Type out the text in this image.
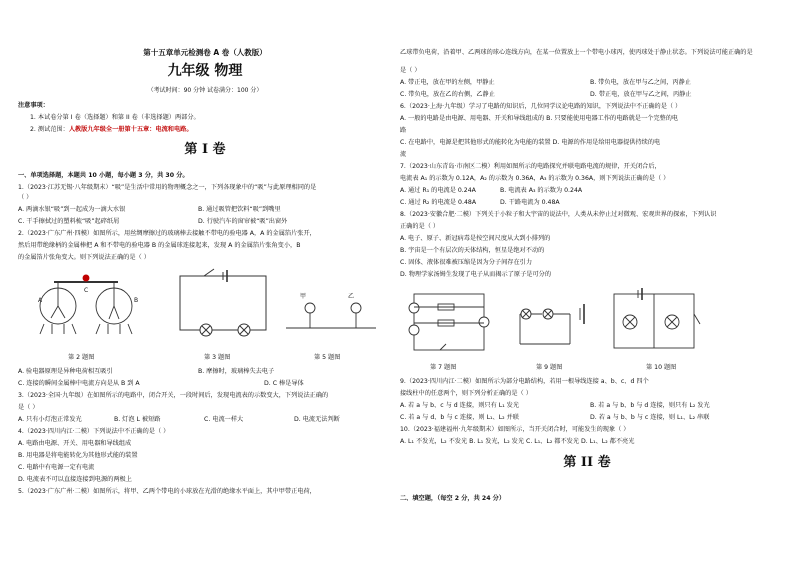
第十五章单元检测卷 A 卷（人教版）
九年级 物理
（考试时间：90 分钟 试卷满分：100 分）
注意事项：
1. 本试卷分第 I 卷（选择题）和第 II 卷（非选择题）两部分。
2. 测试范围：人教版九年级全一册第十五章：电流和电路。
第 I 卷
一、单项选择题，本题共 10 小题，每小题 3 分，共 30 分。
1.（2023·江苏无锡·八年级期末）“吸”是生活中常用的物理概念之一，下列各现象中的“吸”与此原理相同的是
（ ）
A. 两滴水银“吸”到一起成为一滴大水银	B. 通过吸管把饮料“吸”到嘴里
C. 干手擦拭过的塑料梳“吸”起碎纸屑	D. 行驶汽车的窗帘被“吸”出窗外
2.（2023·广东广州·四模）如图所示，用丝绸摩擦过的玻璃棒去接触不带电的验电器 A，A 的金属箔片张开，
然后用带绝缘柄的金属棒把 A 和不带电的验电器 B 的金属球连接起来，发现 A 的金属箔片张角变小，B
的金属箔片张角变大。则下列说法正确的是（ ）
A	B
C
甲	乙
第 2 题图	第 3 题图	第 5 题图
A. 验电器原理是异种电荷相互吸引	B. 摩擦时，玻璃棒失去电子
C. 连接的瞬间金属棒中电流方向是从 B 到 A	D. C 棒是导体
3.（2023·全国·九年级）在如图所示的电路中，闭合开关，一段时间后，发现电流表的示数变大，下列说法正确的
是（ ）
A. 只有小灯泡正常发光	B. 灯泡 L 被短路	C. 电流一样大	D. 电流无法判断
4.（2023·四川内江·二模）下列说法中不正确的是（ ）
A. 电路由电源、开关、用电器和导线组成
B. 用电器是将电能转化为其他形式能的装置
C. 电路中有电源一定有电流
D. 电流表不可以直接连接到电源的两极上
5.（2023·广东广州·二模）如图所示，将甲、乙两个带电的小球放在光滑的绝缘水平面上，其中甲带正电荷，
乙球带负电荷，沿着甲、乙两球的球心连线方向，在某一位置放上一个带电小球丙，使丙球处于静止状态。下列说法可能正确的是
是（ ）
A. 带正电，放在甲的左侧，甲静止	B. 带负电，放在甲与乙之间，丙静止
C. 带负电，放在乙的右侧，乙静止	D. 带正电，放在甲与乙之间，丙静止
6.（2023·上海·九年级）学习了电路的知识后，几位同学议论电路的知识，下列说法中不正确的是（ ）
A. 一般的电路是由电源、用电器、开关和导线组成的 B. 只要能使用电器工作的电路就是一个完整的电
路
C. 在电路中，电源是把其他形式的能转化为电能的装置 D. 电源的作用是给用电器提供持续的电
流
7.（2023·山东青岛·市南区二模）利用如图所示的电路探究并联电路电流的规律，开关闭合后，
电流表 A₁ 的示数为 0.12A，A₂ 的示数为 0.36A，A₃ 的示数为 0.36A，则下列说法正确的是（ ）
A. 通过 R₁ 的电流是 0.24A	B. 电流表 A₃ 的示数为 0.24A
C. 通过 R₂ 的电流是 0.48A	D. 干路电流为 0.48A
8.（2023·安徽合肥·二模）下列关于小粒子和大宇宙的说法中，人类从未停止过对微观、宏观世界的探索，下列认识
正确的是（ ）
A. 电子、原子、新冠病毒是按空间尺度从大到小排列的
B. 宇宙是一个有层次的天体结构，恒星是绝对不动的
C. 固体、液体很难被压缩是因为分子间存在引力
D. 物理学家汤姆生发现了电子从而揭示了原子是可分的
第 7 题图	第 9 题图	第 10 题图
9.（2023·四川内江·二模）如图所示为部分电路结构，若用一根导线连接 a、b、c、d 四个
接线柱中的任意两个，则下列分析正确的是（ ）
A. 若 a 与 b、c 与 d 连接，则只有 L₁ 发光	B. 若 a 与 b、b 与 d 连接，则只有 L₂ 发光
C. 若 a 与 d、b 与 c 连接，则 L₁、L₂ 并联	D. 若 a 与 b、b 与 c 连接，则 L₁、L₂ 串联
10.（2023·福建福州·九年级期末）如图所示，当开关闭合时，可能发生的现象（ ）
A. L₁ 不发光，L₂ 不发光 B. L₁ 发光，L₂ 发光 C. L₁、L₂ 都不发光 D. L₁、L₂ 都不亮光
第 II 卷
二、填空题，（每空 2 分，共 24 分）
